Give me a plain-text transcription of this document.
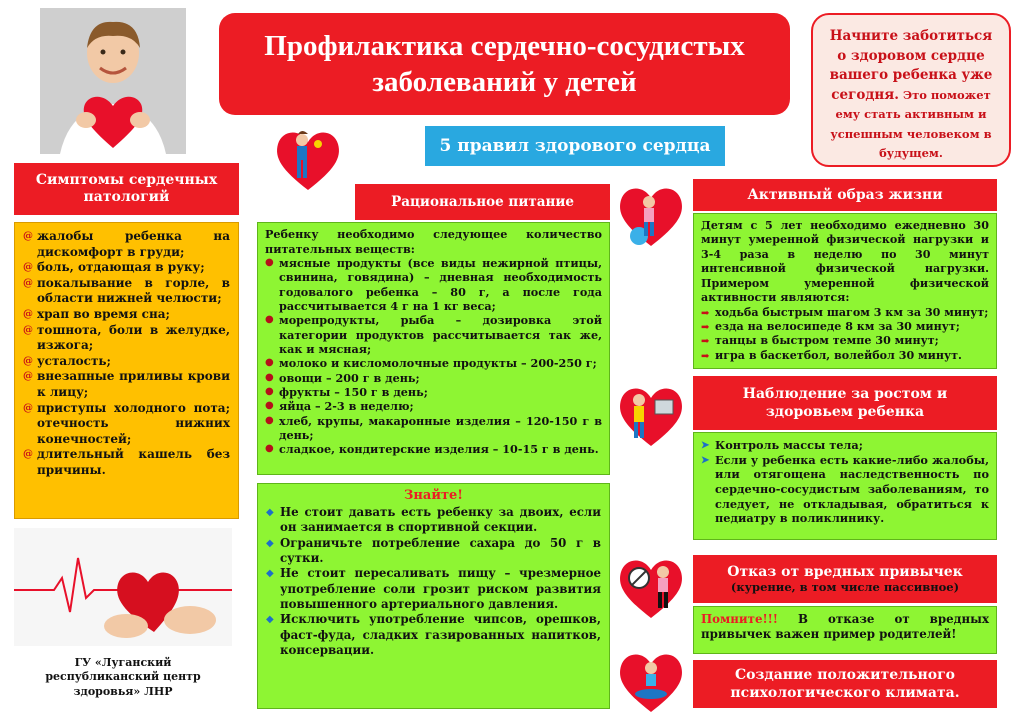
Профилактика сердечно-сосудистых заболеваний у детей

Начните заботиться о здоровом сердце вашего ребенка уже сегодня. Это поможет ему стать активным и успешным человеком в будущем.

5 правил здорового сердца
Симптомы сердечных патологий
@ жалобы ребенка на дискомфорт в груди;
@ боль, отдающая в руку;
@ покалывание в горле, в области нижней челюсти;
@ храп во время сна;
@ тошнота, боли в желудке, изжога;
@ усталость;
@ внезапные приливы крови к лицу;
@ приступы холодного пота; отечность нижних конечностей;
@ длительный кашель без причины.

ГУ «Луганский республиканский центр здоровья» ЛНР

Рациональное питание

Ребенку необходимо следующее количество питательных веществ:

● мясные продукты (все виды нежирной птицы, свинина, говядина) – дневная необходимость годовалого ребенка – 80 г, а после года рассчитывается 4 г на 1 кг веса;
● морепродукты, рыба – дозировка этой категории продуктов рассчитывается так же, как и мясная;
● молоко и кисломолочные продукты – 200-250 г;
● овощи – 200 г в день;
● фрукты – 150 г в день;
● яйца – 2-3 в неделю;
● хлеб, крупы, макаронные изделия – 120-150 г в день;
● сладкое, кондитерские изделия – 10-15 г в день.

Знайте!

◆ Не стоит давать есть ребенку за двоих, если он занимается в спортивной секции.
◆ Ограничьте потребление сахара до 50 г в сутки.
◆ Не стоит пересаливать пищу – чрезмерное употребление соли грозит риском развития повышенного артериального давления.
◆ Исключить употребление чипсов, орешков, фаст-фуда, сладких газированных напитков, консервации.
Активный образ жизни

Детям с 5 лет необходимо ежедневно 30 минут умеренной физической нагрузки и 3-4 раза в неделю по 30 минут интенсивной физической нагрузки. Примером умеренной физической активности являются:

➡ ходьба быстрым шагом 3 км за 30 минут;
➡ езда на велосипеде 8 км за 30 минут;
➡ танцы в быстром темпе 30 минут;
➡ игра в баскетбол, волейбол 30 минут.
Наблюдение за ростом и здоровьем ребенка
➤ Контроль массы тела;
➤ Если у ребенка есть какие-либо жалобы, или отягощена наследственность по сердечно-сосудистым заболеваниям, то следует, не откладывая, обратиться к педиатру в поликлинику.
Отказ от вредных привычек
(курение, в том числе пассивное)

Помните!!! В отказе от вредных привычек важен пример родителей!

Создание положительного психологического климата.
